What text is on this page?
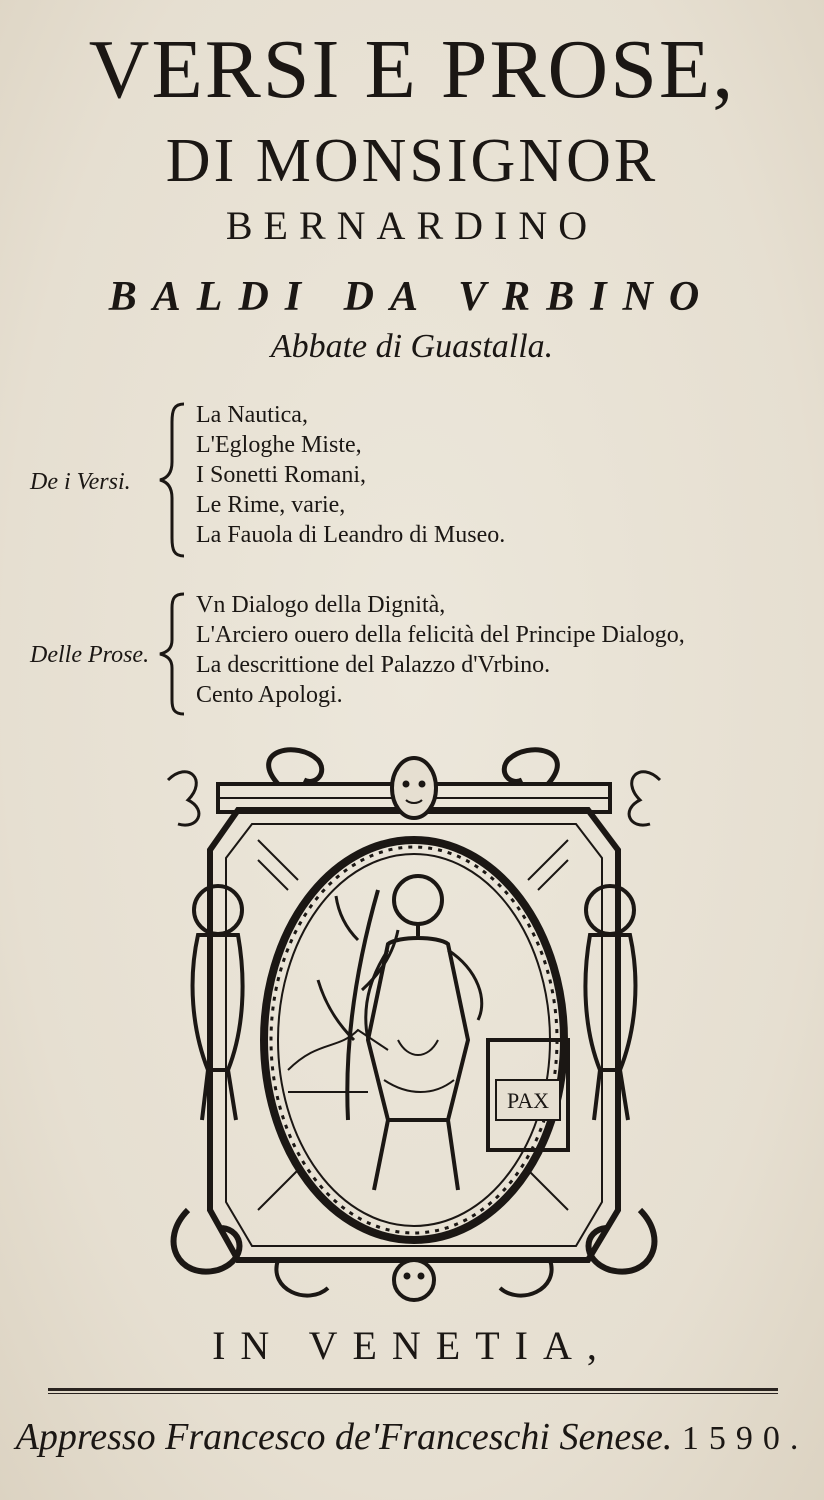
VERSI E PROSE,
DI MONSIGNOR
BERNARDINO
BALDI DA VRBINO
Abbate di Guastalla.
De i Versi.
La Nautica,
L'Egloghe Miste,
I Sonetti Romani,
Le Rime, varie,
La Fauola di Leandro di Museo.
Delle Prose.
Vn Dialogo della Dignità,
L'Arciero ouero della felicità del Principe Dialogo,
La descrittione del Palazzo d'Vrbino.
Cento Apologi.
PAX
IN VENETIA,
Appresso Francesco de'Franceschi Senese. 1590.
